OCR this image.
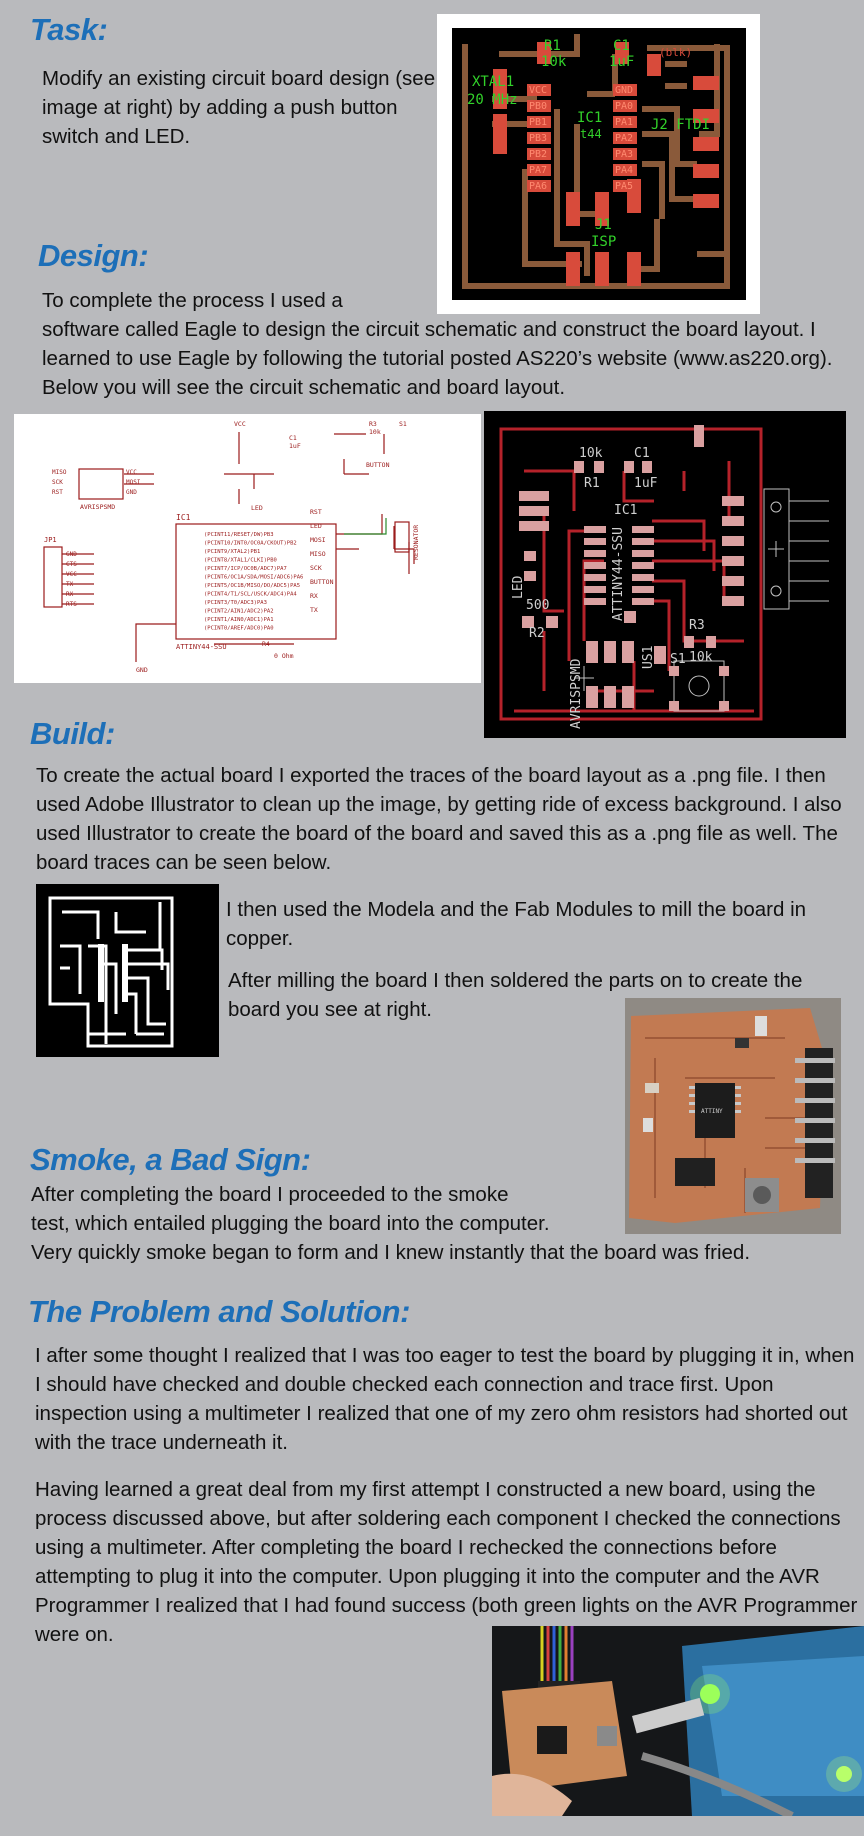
Task:

Modify an existing circuit board design (see image at right) by adding a push button switch and LED.

R1
10k
C1
1uF
XTAL1
20 MHz
IC1
t44
J2 FTDI
J1
ISP
(blk)
VCC
PB0
PB1
PB3
PB2
PA7
PA6
GND
PA0
PA1
PA2
PA3
PA4
PA5
Design:

To complete the process I used a

software called Eagle to design the circuit schematic and construct the board layout. I learned to use Eagle by following the tutorial posted AS220’s website (www.as220.org). Below you will see the circuit schematic and board layout.

IC1
ATTINY44-SSU
JP1
AVRISPSMD	LED
BUTTON
RESONATOR
VCC
GND
0 Ohm
R4
C1
1uF
S1
R3
10k
(PCINT11/RESET/DW)PB3
(PCINT10/INT0/OC0A/CKOUT)PB2
(PCINT9/XTAL2)PB1
(PCINT8/XTAL1/CLKI)PB0
(PCINT7/ICP/OC0B/ADC7)PA7
(PCINT6/OC1A/SDA/MOSI/ADC6)PA6
(PCINT5/OC1B/MISO/DO/ADC5)PA5
(PCINT4/T1/SCL/USCK/ADC4)PA4
(PCINT3/T0/ADC3)PA3
(PCINT2/AIN1/ADC2)PA2
(PCINT1/AIN0/ADC1)PA1
(PCINT0/AREF/ADC0)PA0
RST
LED
MOSI
MISO
SCK
BUTTON
RX
TX
GND
CTS
VCC
TX
RX
RTS
MISO
SCK
RST
VCC
MOSI
GND
10k
R1
C1
1uF
IC1
ATTINY44-SSU
LED
500
R2
AVRISPSMD
R3
10k
S1
US1
Build:

To create the actual board I exported the traces of the board layout as a .png file. I then used Adobe Illustrator to clean up the image, by getting ride of excess background. I also used Illustrator to create the board of the board and saved this as a .png file as well. The board traces can be seen below.

I then used the Modela and the Fab Modules to mill the board in copper.

After milling the board I then soldered the parts on to create the board you see at right.

ATTINY
Smoke, a Bad Sign:

After completing the board I proceeded to the smoke

test, which entailed plugging the board into the computer.

Very quickly smoke began to form and I knew instantly that the board was fried.

The Problem and Solution:

I after some thought I realized that I was too eager to test the board by plugging it in, when I should have checked and double checked each connection and trace first. Upon inspection using a multimeter I realized that one of my zero ohm resistors had shorted out with the trace underneath it.

Having learned a great deal from my first attempt I constructed a new board, using the process discussed above, but after soldering each component I checked the connections using a multimeter. After completing the board I rechecked the connections before attempting to plug it into the computer. Upon plugging it into the computer and the AVR Programmer I realized that I had found success (both green lights on the AVR Programmer were on.
